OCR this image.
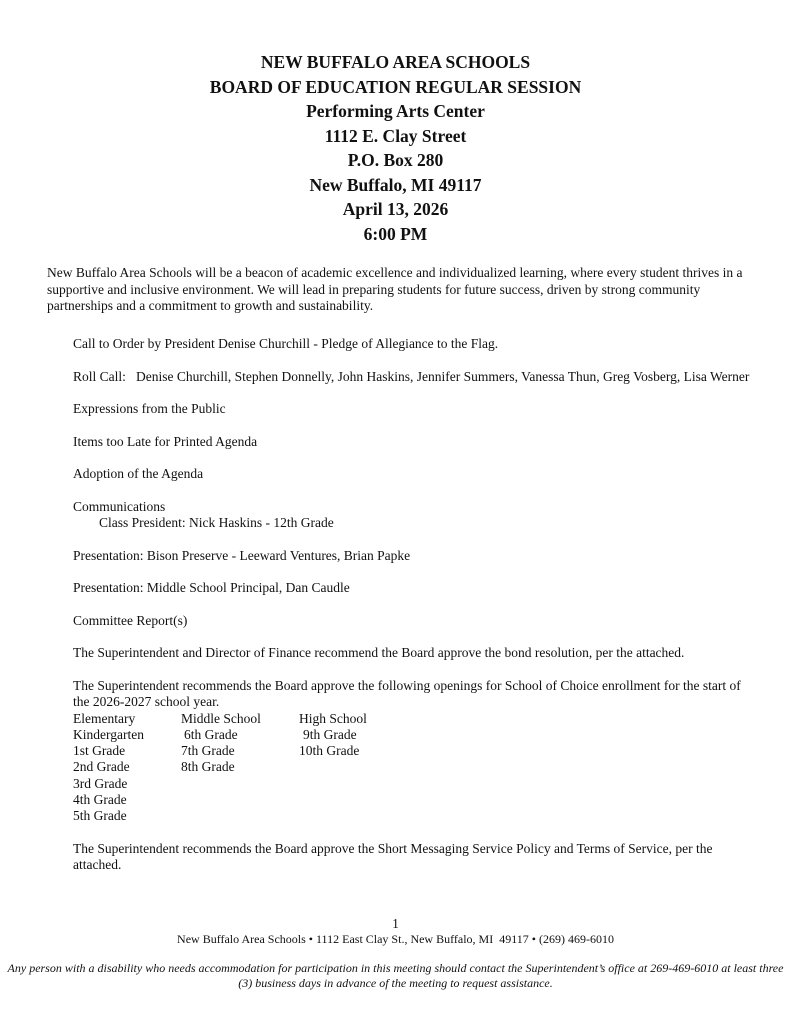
NEW BUFFALO AREA SCHOOLS
BOARD OF EDUCATION REGULAR SESSION
Performing Arts Center
1112 E. Clay Street
P.O. Box 280
New Buffalo, MI 49117
April 13, 2026
6:00 PM
New Buffalo Area Schools will be a beacon of academic excellence and individualized learning, where every student thrives in a supportive and inclusive environment. We will lead in preparing students for future success, driven by strong community partnerships and a commitment to growth and sustainability.
Call to Order by President Denise Churchill - Pledge of Allegiance to the Flag.
Roll Call:   Denise Churchill, Stephen Donnelly, John Haskins, Jennifer Summers, Vanessa Thun, Greg Vosberg, Lisa Werner
Expressions from the Public
Items too Late for Printed Agenda
Adoption of the Agenda
Communications
Class President: Nick Haskins - 12th Grade
Presentation: Bison Preserve - Leeward Ventures, Brian Papke
Presentation: Middle School Principal, Dan Caudle
Committee Report(s)
The Superintendent and Director of Finance recommend the Board approve the bond resolution, per the attached.
The Superintendent recommends the Board approve the following openings for School of Choice enrollment for the start of the 2026-2027 school year.
Elementary	Middle School	High School
Kindergarten	6th Grade	9th Grade
1st Grade	7th Grade	10th Grade
2nd Grade	8th Grade
3rd Grade
4th Grade
5th Grade
The Superintendent recommends the Board approve the Short Messaging Service Policy and Terms of Service, per the attached.
1
New Buffalo Area Schools • 1112 East Clay St., New Buffalo, MI  49117 • (269) 469-6010
Any person with a disability who needs accommodation for participation in this meeting should contact the Superintendent’s office at 269-469-6010 at least three (3) business days in advance of the meeting to request assistance.
